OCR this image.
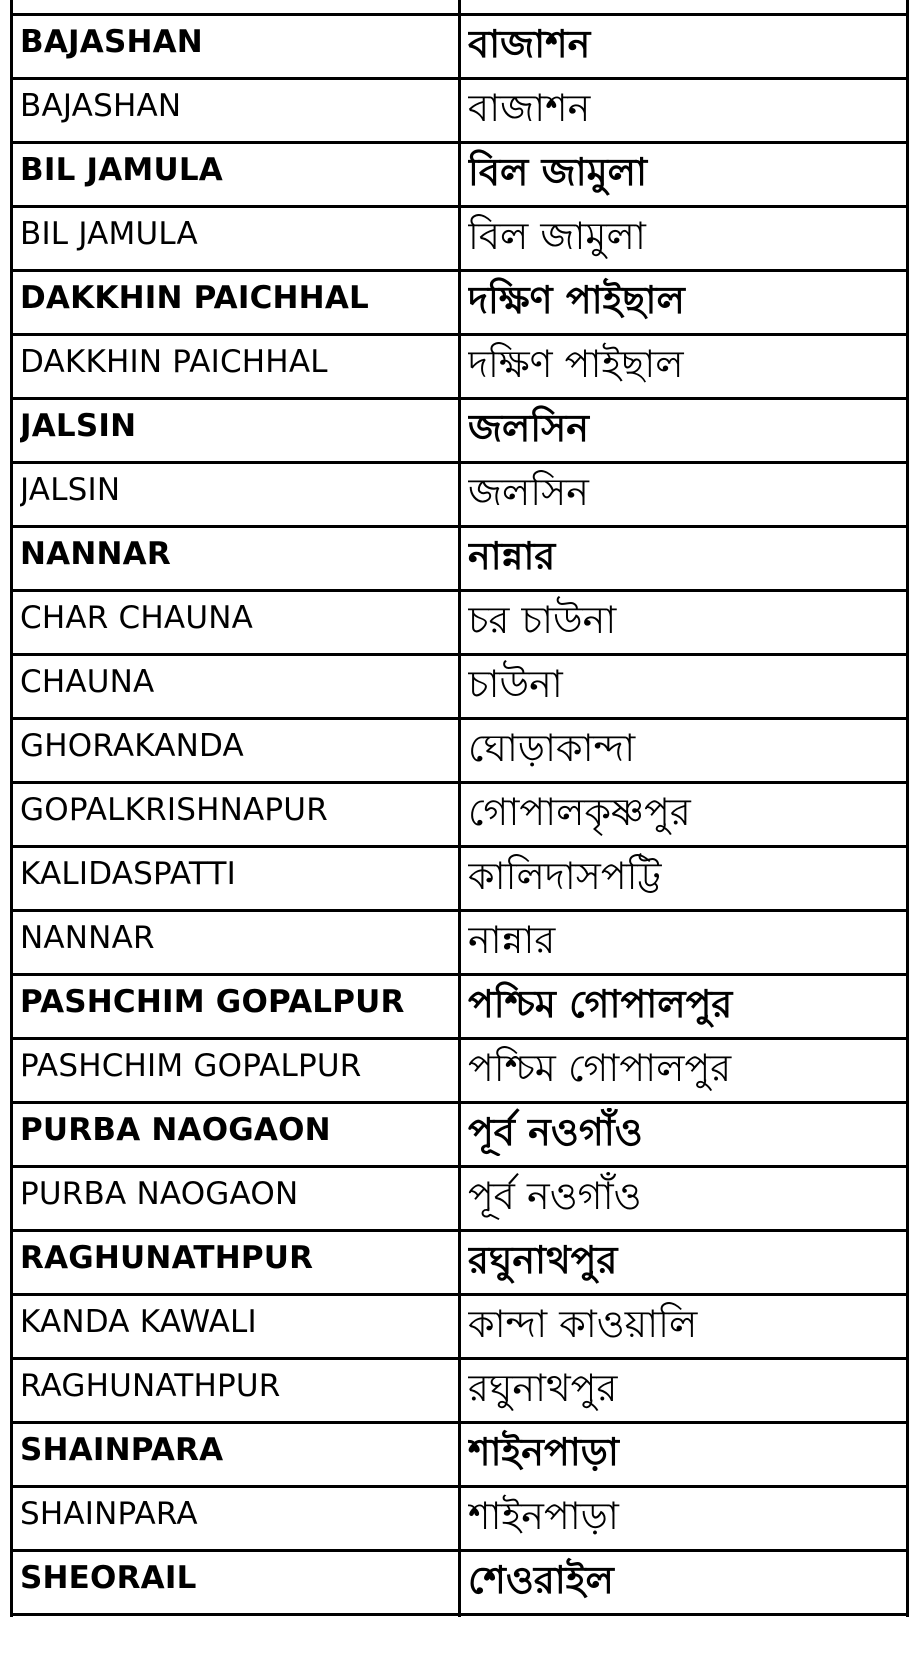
BAJASHAN	বাজাশন
BAJASHAN	বাজাশন
BIL JAMULA	বিল জামুলা
BIL JAMULA	বিল জামুলা
DAKKHIN PAICHHAL	দক্ষিণ পাইছাল
DAKKHIN PAICHHAL	দক্ষিণ পাইছাল
JALSIN	জলসিন
JALSIN	জলসিন
NANNAR	নান্নার
CHAR CHAUNA	চর চাউনা
CHAUNA	চাউনা
GHORAKANDA	ঘোড়াকান্দা
GOPALKRISHNAPUR	গোপালকৃষ্ণপুর
KALIDASPATTI	কালিদাসপট্টি
NANNAR	নান্নার
PASHCHIM GOPALPUR	পশ্চিম গোপালপুর
PASHCHIM GOPALPUR	পশ্চিম গোপালপুর
PURBA NAOGAON	পূর্ব নওগাঁও
PURBA NAOGAON	পূর্ব নওগাঁও
RAGHUNATHPUR	রঘুনাথপুর
KANDA KAWALI	কান্দা কাওয়ালি
RAGHUNATHPUR	রঘুনাথপুর
SHAINPARA	শাইনপাড়া
SHAINPARA	শাইনপাড়া
SHEORAIL	শেওরাইল
